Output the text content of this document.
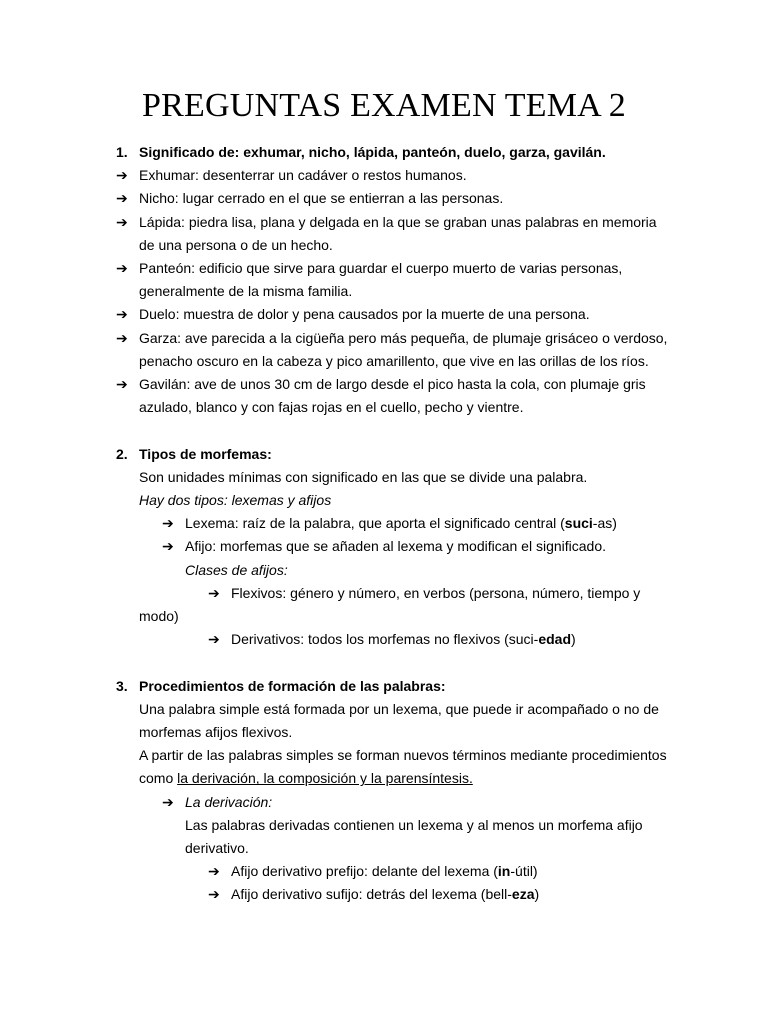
PREGUNTAS EXAMEN TEMA 2
1. Significado de: exhumar, nicho, lápida, panteón, duelo, garza, gavilán.
➔ Exhumar: desenterrar un cadáver o restos humanos.
➔ Nicho: lugar cerrado en el que se entierran a las personas.
➔ Lápida: piedra lisa, plana y delgada en la que se graban unas palabras en memoria
de una persona o de un hecho.
➔ Panteón: edificio que sirve para guardar el cuerpo muerto de varias personas,
generalmente de la misma familia.
➔ Duelo: muestra de dolor y pena causados por la muerte de una persona.
➔ Garza: ave parecida a la cigüeña pero más pequeña, de plumaje grisáceo o verdoso,
penacho oscuro en la cabeza y pico amarillento, que vive en las orillas de los ríos.
➔ Gavilán: ave de unos 30 cm de largo desde el pico hasta la cola, con plumaje gris
azulado, blanco y con fajas rojas en el cuello, pecho y vientre.
2. Tipos de morfemas:
Son unidades mínimas con significado en las que se divide una palabra.
Hay dos tipos: lexemas y afijos
➔ Lexema: raíz de la palabra, que aporta el significado central (suci-as)
➔ Afijo: morfemas que se añaden al lexema y modifican el significado.
Clases de afijos:
➔ Flexivos: género y número, en verbos (persona, número, tiempo y
modo)
➔ Derivativos: todos los morfemas no flexivos (suci-edad)
3. Procedimientos de formación de las palabras:
Una palabra simple está formada por un lexema, que puede ir acompañado o no de
morfemas afijos flexivos.
A partir de las palabras simples se forman nuevos términos mediante procedimientos
como la derivación, la composición y la parensíntesis.
➔ La derivación:
Las palabras derivadas contienen un lexema y al menos un morfema afijo
derivativo.
➔ Afijo derivativo prefijo: delante del lexema (in-útil)
➔ Afijo derivativo sufijo: detrás del lexema (bell-eza)
